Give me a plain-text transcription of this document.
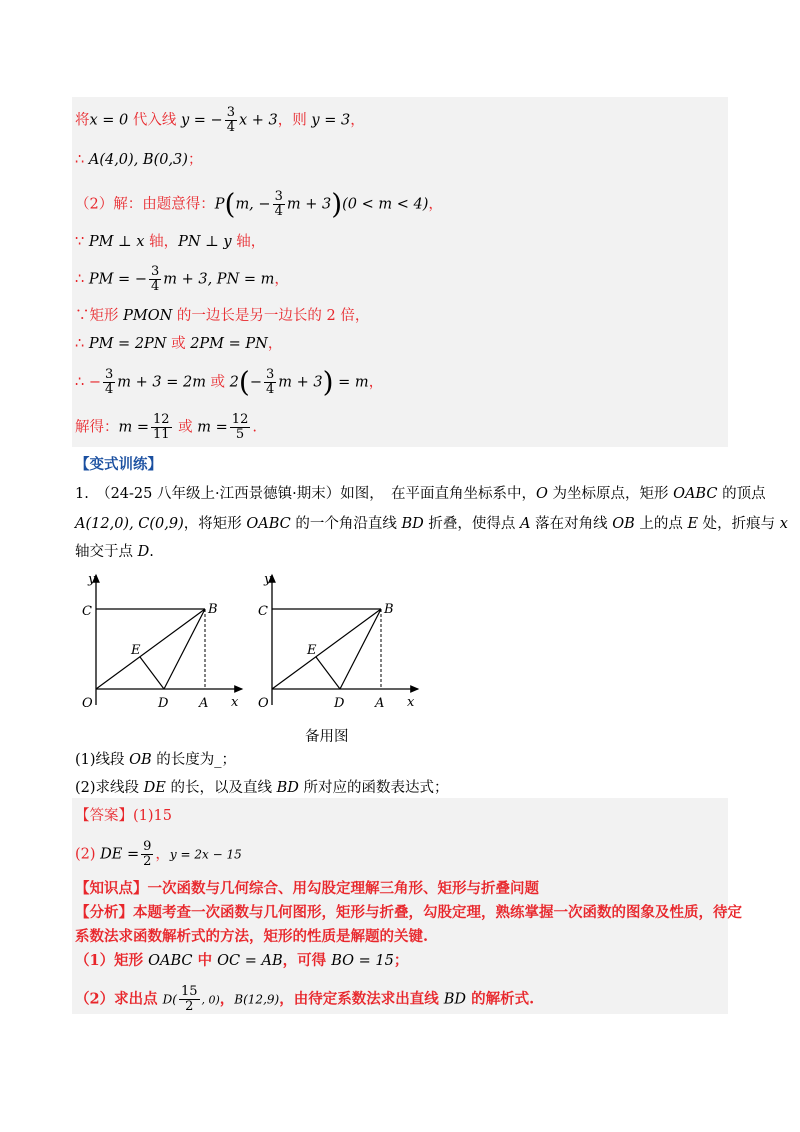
将x = 0 代入线 y = − $\frac{3}{4}$ x + 3，则 y = 3，
∴ A(4,0), B(0,3)；
（2）解：由题意得：P(m, − $\frac{3}{4}$ m + 3)(0 < m < 4)，
∵ PM ⊥ x 轴，PN ⊥ y 轴，
∴ PM = − $\frac{3}{4}$ m + 3, PN = m，
∵矩形 PMON 的一边长是另一边长的 2 倍，
∴ PM = 2PN 或 2PM = PN，
∴ − $\frac{3}{4}$ m + 3 = 2m 或 $2(- \frac{3}{4}$ m + 3) = m，
解得：$m = \frac{12}{11}$ 或 $m = \frac{12}{5}$ .
【变式训练】
1.　（24-25 八年级上·江西景德镇·期末）如图，　在平面直角坐标系中，O 为坐标原点，矩形 OABC 的顶点
A(12,0), C(0,9)，将矩形 OABC 的一个角沿直线 BD 折叠，使得点 A 落在对角线 OB 上的点 E 处，折痕与 x
轴交于点 D.
y
x
O
C	B
A
D
E
y
x
O
C	B
A
D
E
备用图
(1)线段 OB 的长度为_；
(2)求线段 DE 的长，以及直线 BD 所对应的函数表达式；
【答案】(1)15
(2) DE = $\frac{9}{2}$ ，y = 2x − 15
【知识点】一次函数与几何综合、用勾股定理解三角形、矩形与折叠问题
【分析】本题考查一次函数与几何图形，矩形与折叠，勾股定理，熟练掌握一次函数的图象及性质，待定
系数法求函数解析式的方法，矩形的性质是解题的关键.
（1）矩形 OABC 中 OC = AB，可得 BO = 15；
（2）求出点 $D( \frac{15}{2}$ , 0)，B(12,9)，由待定系数法求出直线 BD 的解析式.
